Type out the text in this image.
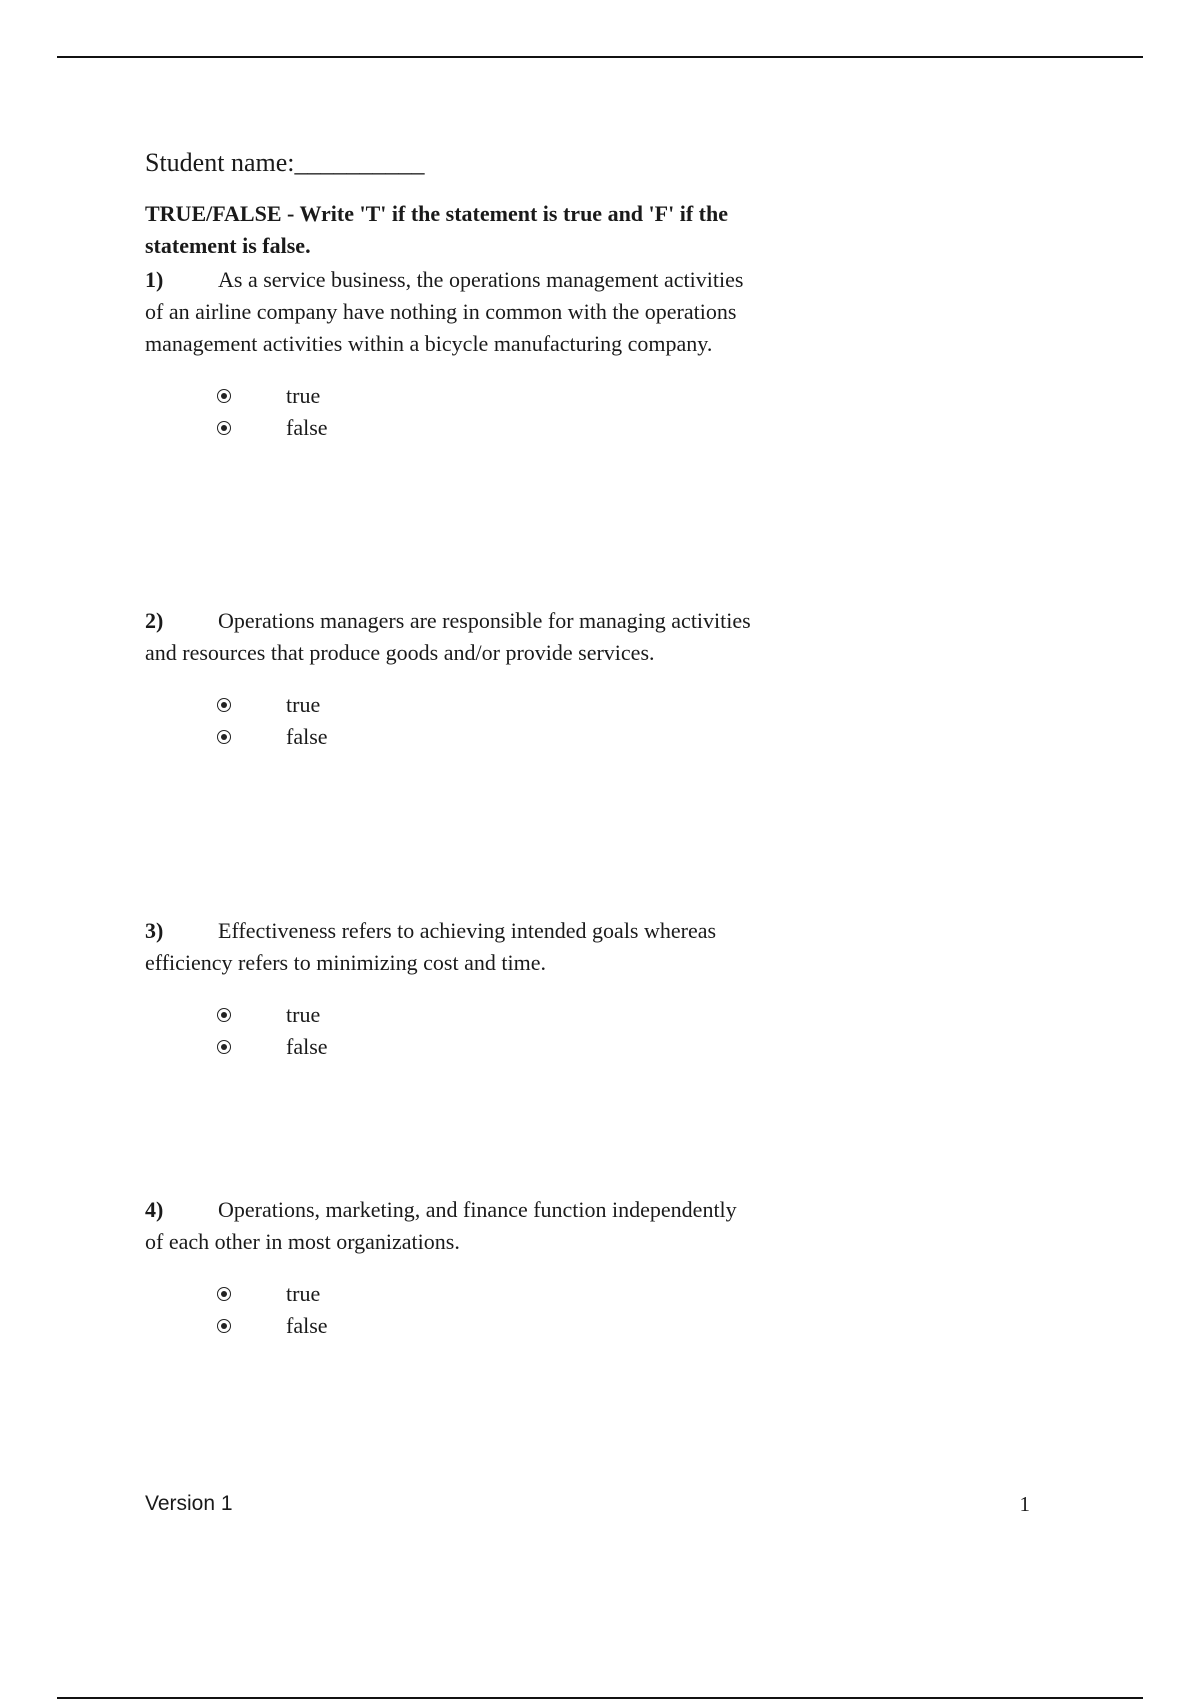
Student name:__________
TRUE/FALSE - Write 'T' if the statement is true and 'F' if the statement is false.
1) As a service business, the operations management activities of an airline company have nothing in common with the operations management activities within a bicycle manufacturing company.
true
false
2) Operations managers are responsible for managing activities and resources that produce goods and/or provide services.
true
false
3) Effectiveness refers to achieving intended goals whereas efficiency refers to minimizing cost and time.
true
false
4) Operations, marketing, and finance function independently of each other in most organizations.
true
false
Version 1	1
